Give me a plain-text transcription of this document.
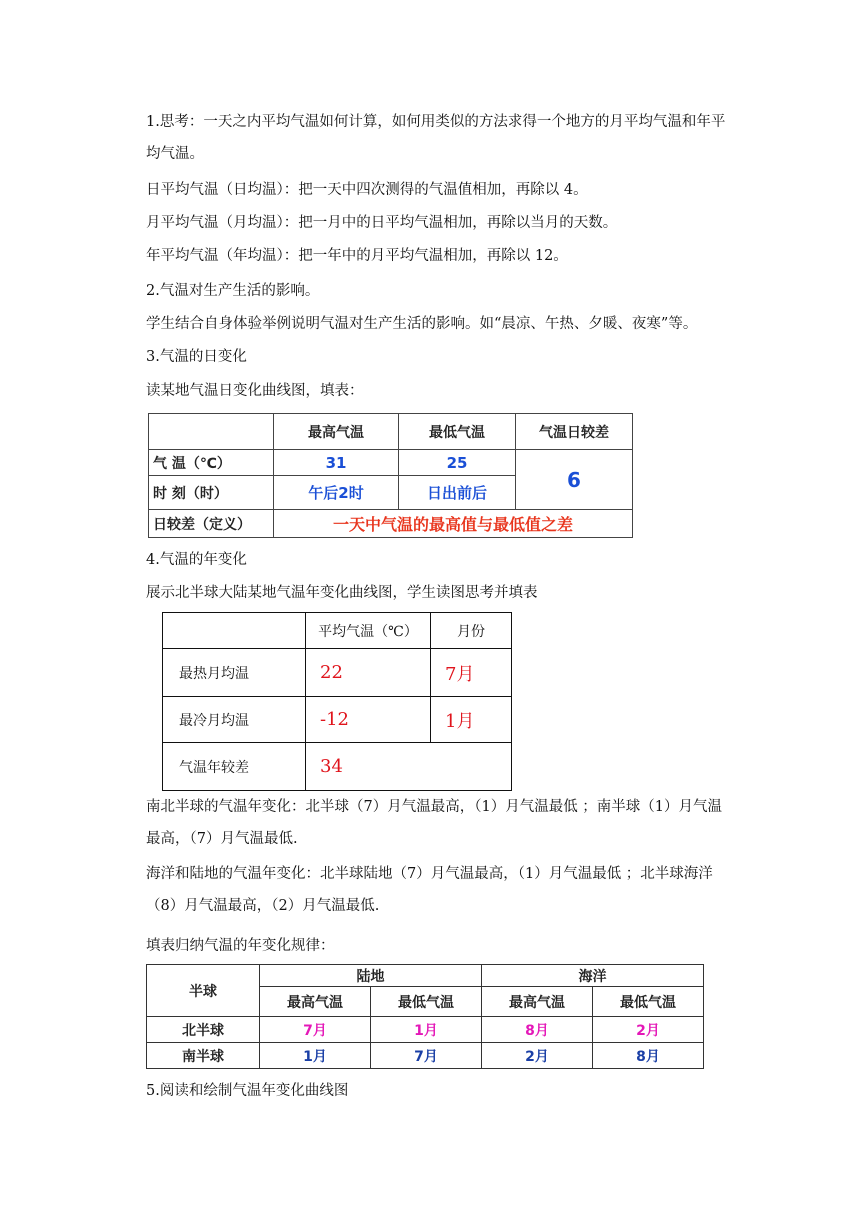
1.思考：一天之内平均气温如何计算，如何用类似的方法求得一个地方的月平均气温和年平均气温。
日平均气温（日均温）：把一天中四次测得的气温值相加，再除以 4。
月平均气温（月均温）：把一月中的日平均气温相加，再除以当月的天数。
年平均气温（年均温）：把一年中的月平均气温相加，再除以 12。
2.气温对生产生活的影响。
学生结合自身体验举例说明气温对生产生活的影响。如“晨凉、午热、夕暖、夜寒”等。
3.气温的日变化
读某地气温日变化曲线图，填表：
	最高气温	最低气温	气温日较差
气 温（℃）	31	25	6
时 刻（时）	午后2时	日出前后	
日较差（定义）	一天中气温的最高值与最低值之差		
4.气温的年变化
展示北半球大陆某地气温年变化曲线图，学生读图思考并填表
	平均气温（℃）	月份
最热月均温	22	7月
最冷月均温	-12	1月
气温年较差	34	
南北半球的气温年变化：北半球（7）月气温最高，（1）月气温最低 ；南半球（1）月气温最高，（7）月气温最低.
海洋和陆地的气温年变化：北半球陆地（7）月气温最高，（1）月气温最低 ；北半球海洋（8）月气温最高，（2）月气温最低.
填表归纳气温的年变化规律：
半球	陆地		海洋	
	最高气温	最低气温	最高气温	最低气温
北半球	7月	1月	8月	2月
南半球	1月	7月	2月	8月
5.阅读和绘制气温年变化曲线图
